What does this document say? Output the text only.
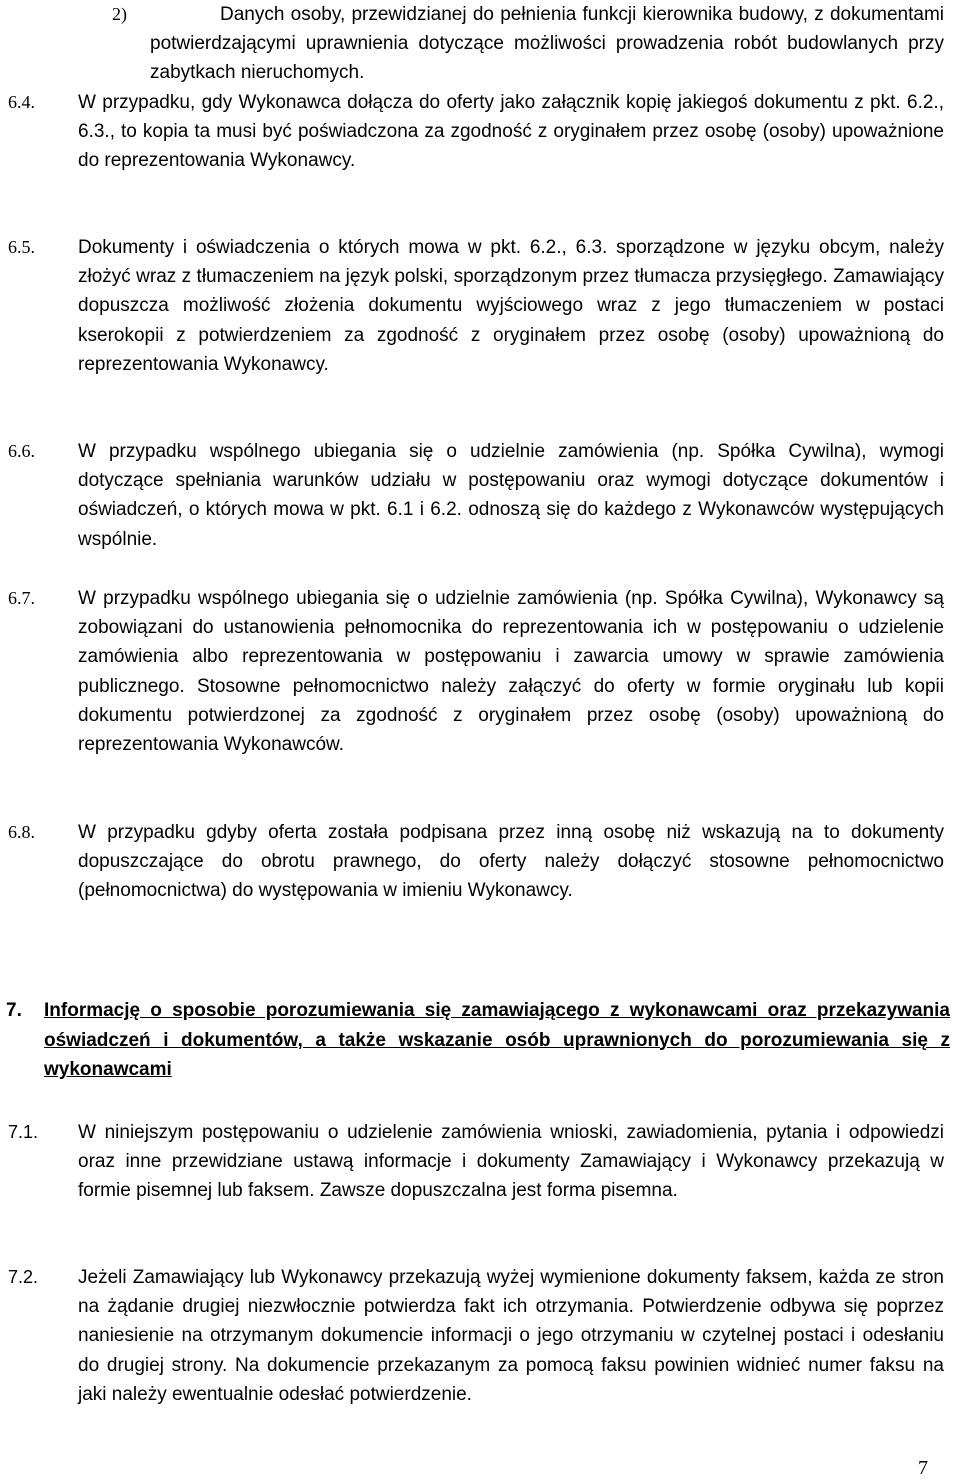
2)	Danych osoby, przewidzianej do pełnienia funkcji kierownika budowy, z dokumentami potwierdzającymi uprawnienia dotyczące możliwości prowadzenia robót budowlanych przy zabytkach nieruchomych.
6.4. W przypadku, gdy Wykonawca dołącza do oferty jako załącznik kopię jakiegoś dokumentu z pkt. 6.2., 6.3., to kopia ta musi być poświadczona za zgodność z oryginałem przez osobę (osoby) upoważnione do reprezentowania Wykonawcy.
6.5. Dokumenty i oświadczenia o których mowa w pkt. 6.2., 6.3. sporządzone w języku obcym, należy złożyć wraz z tłumaczeniem na język polski, sporządzonym przez tłumacza przysięgłego. Zamawiający dopuszcza możliwość złożenia dokumentu wyjściowego wraz z jego tłumaczeniem w postaci kserokopii z potwierdzeniem za zgodność z oryginałem przez osobę (osoby) upoważnioną do reprezentowania Wykonawcy.
6.6. W przypadku wspólnego ubiegania się o udzielnie zamówienia (np. Spółka Cywilna), wymogi dotyczące spełniania warunków udziału w postępowaniu oraz wymogi dotyczące dokumentów i oświadczeń, o których mowa w pkt. 6.1 i 6.2. odnoszą się do każdego z Wykonawców występujących wspólnie.
6.7. W przypadku wspólnego ubiegania się o udzielnie zamówienia (np. Spółka Cywilna), Wykonawcy są zobowiązani do ustanowienia pełnomocnika do reprezentowania ich w postępowaniu o udzielenie zamówienia albo reprezentowania w postępowaniu i zawarcia umowy w sprawie zamówienia publicznego. Stosowne pełnomocnictwo należy załączyć do oferty w formie oryginału lub kopii dokumentu potwierdzonej za zgodność z oryginałem przez osobę (osoby) upoważnioną do reprezentowania Wykonawców.
6.8. W przypadku gdyby oferta została podpisana przez inną osobę niż wskazują na to dokumenty dopuszczające do obrotu prawnego, do oferty należy dołączyć stosowne pełnomocnictwo (pełnomocnictwa) do występowania w imieniu Wykonawcy.
7. Informację o sposobie porozumiewania się zamawiającego z wykonawcami oraz przekazywania oświadczeń i dokumentów, a także wskazanie osób uprawnionych do porozumiewania się z wykonawcami
7.1. W niniejszym postępowaniu o udzielenie zamówienia wnioski, zawiadomienia, pytania i odpowiedzi oraz inne przewidziane ustawą informacje i dokumenty Zamawiający i Wykonawcy przekazują w formie pisemnej lub faksem. Zawsze dopuszczalna jest forma pisemna.
7.2. Jeżeli Zamawiający lub Wykonawcy przekazują wyżej wymienione dokumenty faksem, każda ze stron na żądanie drugiej niezwłocznie potwierdza fakt ich otrzymania. Potwierdzenie odbywa się poprzez naniesienie na otrzymanym dokumencie informacji o jego otrzymaniu w czytelnej postaci i odesłaniu do drugiej strony. Na dokumencie przekazanym za pomocą faksu powinien widnieć numer faksu na jaki należy ewentualnie odesłać potwierdzenie.
7
